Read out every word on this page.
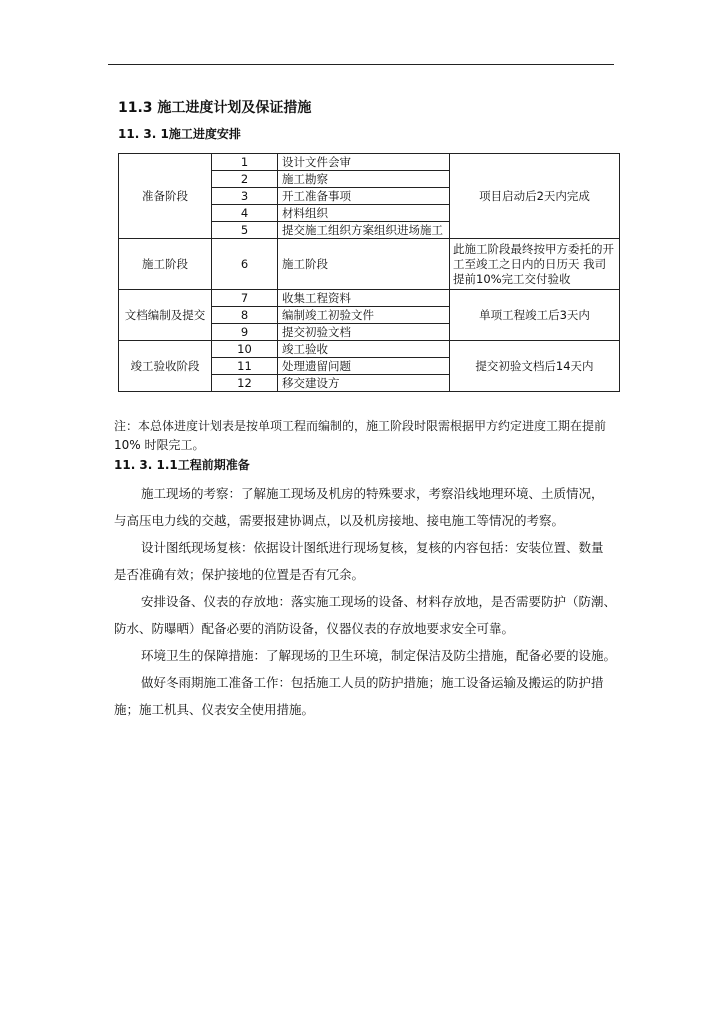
11.3 施工进度计划及保证措施
11. 3. 1施工进度安排
准备阶段	1	设计文件会审	项目启动后2天内完成
	2	施工勘察	
	3	开工准备事项	
	4	材料组织	
	5	提交施工组织方案组织进场施工	
施工阶段	6	施工阶段	此施工阶段最终按甲方委托的开工至竣工之日内的日历天 我司提前10%完工交付验收
文档编制及提交	7	收集工程资料	单项工程竣工后3天内
	8	编制竣工初验文件	
	9	提交初验文档	
竣工验收阶段	10	竣工验收	提交初验文档后14天内
	11	处理遗留问题	
	12	移交建设方	
注：本总体进度计划表是按单项工程而编制的，施工阶段时限需根据甲方约定进度工期在提前 10% 时限完工。
11. 3. 1.1工程前期准备

施工现场的考察：了解施工现场及机房的特殊要求，考察沿线地理环境、土质情况，

与高压电力线的交越，需要报建协调点，以及机房接地、接电施工等情况的考察。

设计图纸现场复核：依据设计图纸进行现场复核，复核的内容包括：安装位置、数量

是否准确有效；保护接地的位置是否有冗余。

安排设备、仪表的存放地：落实施工现场的设备、材料存放地，是否需要防护（防潮、

防水、防曝晒）配备必要的消防设备，仪器仪表的存放地要求安全可靠。

环境卫生的保障措施：了解现场的卫生环境，制定保洁及防尘措施，配备必要的设施。

做好冬雨期施工准备工作：包括施工人员的防护措施；施工设备运输及搬运的防护措

施；施工机具、仪表安全使用措施。
